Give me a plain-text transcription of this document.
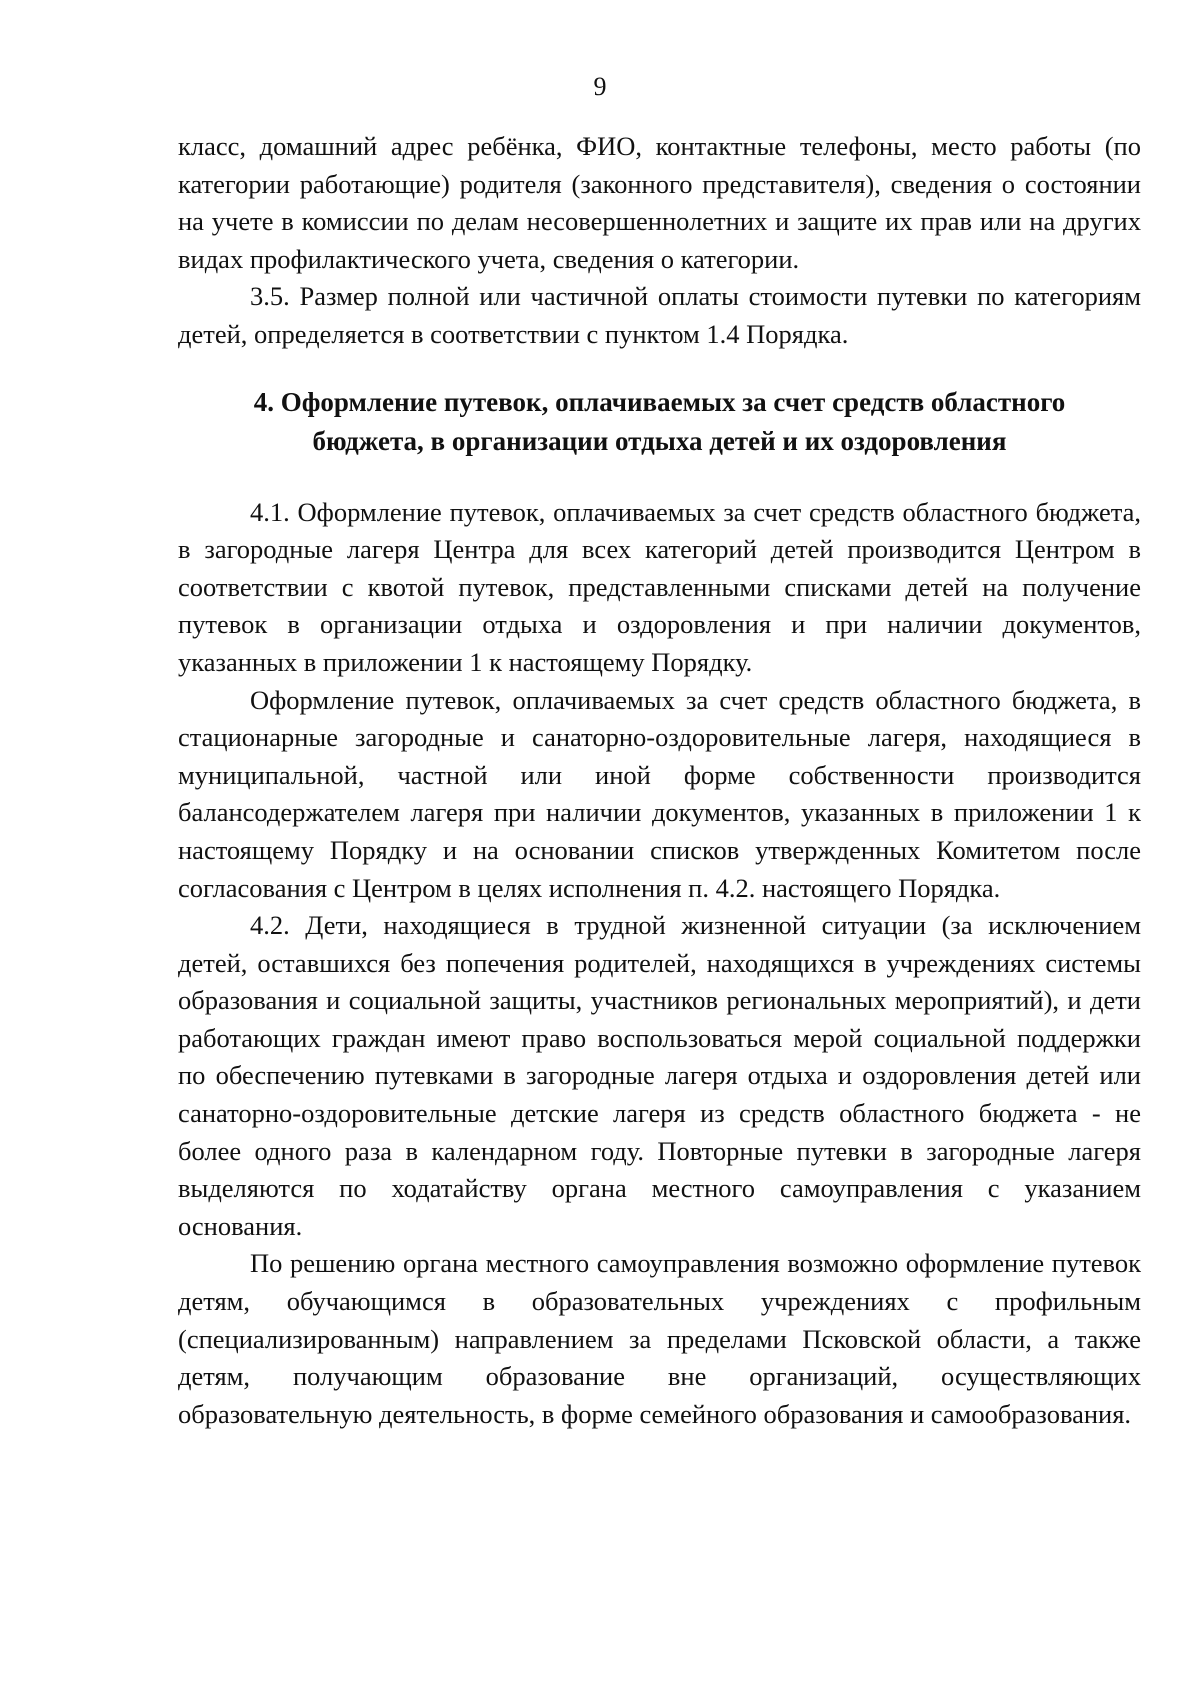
9

класс, домашний адрес ребёнка, ФИО, контактные телефоны, место работы (по категории работающие) родителя (законного представителя), сведения о состоянии на учете в комиссии по делам несовершеннолетних и защите их прав или на других видах профилактического учета, сведения о категории.

3.5. Размер полной или частичной оплаты стоимости путевки по категориям детей, определяется в соответствии с пунктом 1.4 Порядка.

4. Оформление путевок, оплачиваемых за счет средств областного
бюджета, в организации отдыха детей и их оздоровления

4.1. Оформление путевок, оплачиваемых за счет средств областного бюджета, в загородные лагеря Центра для всех категорий детей производится Центром в соответствии с квотой путевок, представленными списками детей на получение путевок в организации отдыха и оздоровления и при наличии документов, указанных в приложении 1 к настоящему Порядку.

Оформление путевок, оплачиваемых за счет средств областного бюджета, в стационарные загородные и санаторно-оздоровительные лагеря, находящиеся в муниципальной, частной или иной форме собственности производится балансодержателем лагеря при наличии документов, указанных в приложении 1 к настоящему Порядку и на основании списков утвержденных Комитетом после согласования с Центром в целях исполнения п. 4.2. настоящего Порядка.

4.2. Дети, находящиеся в трудной жизненной ситуации (за исключением детей, оставшихся без попечения родителей, находящихся в учреждениях системы образования и социальной защиты, участников региональных мероприятий), и дети работающих граждан имеют право воспользоваться мерой социальной поддержки по обеспечению путевками в загородные лагеря отдыха и оздоровления детей или санаторно-оздоровительные детские лагеря из средств областного бюджета - не более одного раза в календарном году. Повторные путевки в загородные лагеря выделяются по ходатайству органа местного самоуправления с указанием основания.

По решению органа местного самоуправления возможно оформление путевок детям, обучающимся в образовательных учреждениях с профильным (специализированным) направлением за пределами Псковской области, а также детям, получающим образование вне организаций, осуществляющих образовательную деятельность, в форме семейного образования и самообразования.
